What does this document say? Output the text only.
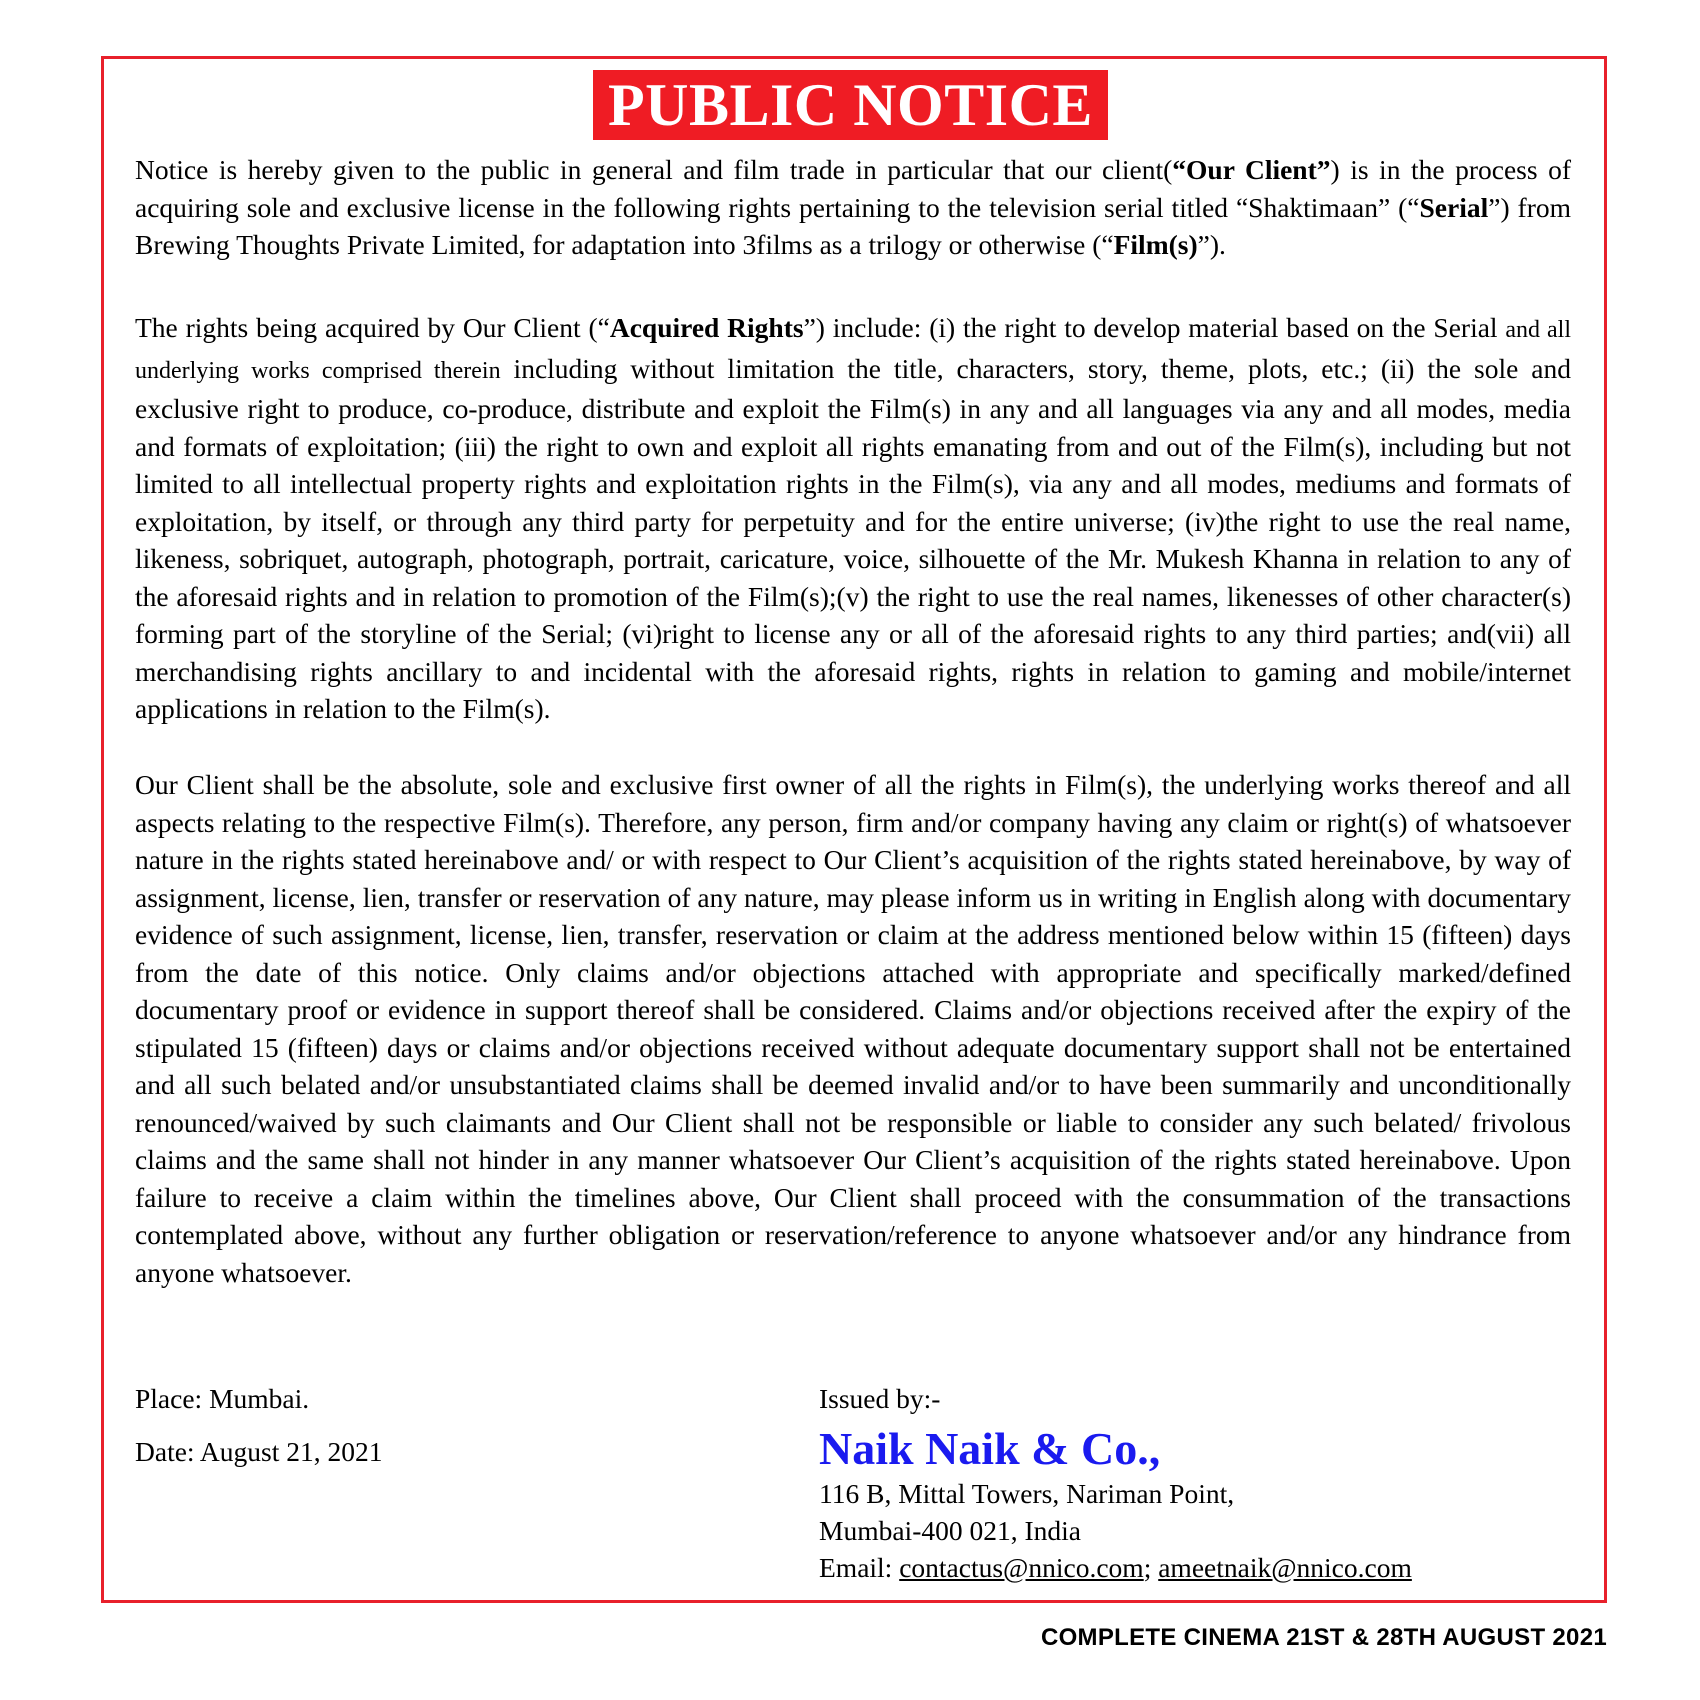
PUBLIC NOTICE

Notice is hereby given to the public in general and film trade in particular that our client(“Our Client”) is in the process of acquiring sole and exclusive license in the following rights pertaining to the television serial titled “Shaktimaan” (“Serial”) from Brewing Thoughts Private Limited, for adaptation into 3films as a trilogy or otherwise (“Film(s)”).

The rights being acquired by Our Client (“Acquired Rights”) include: (i) the right to develop material based on the Serial and all underlying works comprised therein including without limitation the title, characters, story, theme, plots, etc.; (ii) the sole and exclusive right to produce, co-produce, distribute and exploit the Film(s) in any and all languages via any and all modes, media and formats of exploitation; (iii) the right to own and exploit all rights emanating from and out of the Film(s), including but not limited to all intellectual property rights and exploitation rights in the Film(s), via any and all modes, mediums and formats of exploitation, by itself, or through any third party for perpetuity and for the entire universe; (iv)the right to use the real name, likeness, sobriquet, autograph, photograph, portrait, caricature, voice, silhouette of the Mr. Mukesh Khanna in relation to any of the aforesaid rights and in relation to promotion of the Film(s);(v) the right to use the real names, likenesses of other character(s) forming part of the storyline of the Serial; (vi)right to license any or all of the aforesaid rights to any third parties; and(vii) all merchandising rights ancillary to and incidental with the aforesaid rights, rights in relation to gaming and mobile/internet applications in relation to the Film(s).

Our Client shall be the absolute, sole and exclusive first owner of all the rights in Film(s), the underlying works thereof and all aspects relating to the respective Film(s). Therefore, any person, firm and/or company having any claim or right(s) of whatsoever nature in the rights stated hereinabove and/ or with respect to Our Client’s acquisition of the rights stated hereinabove, by way of assignment, license, lien, transfer or reservation of any nature, may please inform us in writing in English along with documentary evidence of such assignment, license, lien, transfer, reservation or claim at the address mentioned below within 15 (fifteen) days from the date of this notice. Only claims and/or objections attached with appropriate and specifically marked/defined documentary proof or evidence in support thereof shall be considered. Claims and/or objections received after the expiry of the stipulated 15 (fifteen) days or claims and/or objections received without adequate documentary support shall not be entertained and all such belated and/or unsubstantiated claims shall be deemed invalid and/or to have been summarily and unconditionally renounced/waived by such claimants and Our Client shall not be responsible or liable to consider any such belated/ frivolous claims and the same shall not hinder in any manner whatsoever Our Client’s acquisition of the rights stated hereinabove. Upon failure to receive a claim within the timelines above, Our Client shall proceed with the consummation of the transactions contemplated above, without any further obligation or reservation/reference to anyone whatsoever and/or any hindrance from anyone whatsoever.

Place: Mumbai.
Date: August 21, 2021
Issued by:-
Naik Naik & Co.,
116 B, Mittal Towers, Nariman Point,
Mumbai-400 021, India
Email: contactus@nnico.com; ameetnaik@nnico.com
COMPLETE CINEMA 21ST & 28TH AUGUST 2021
